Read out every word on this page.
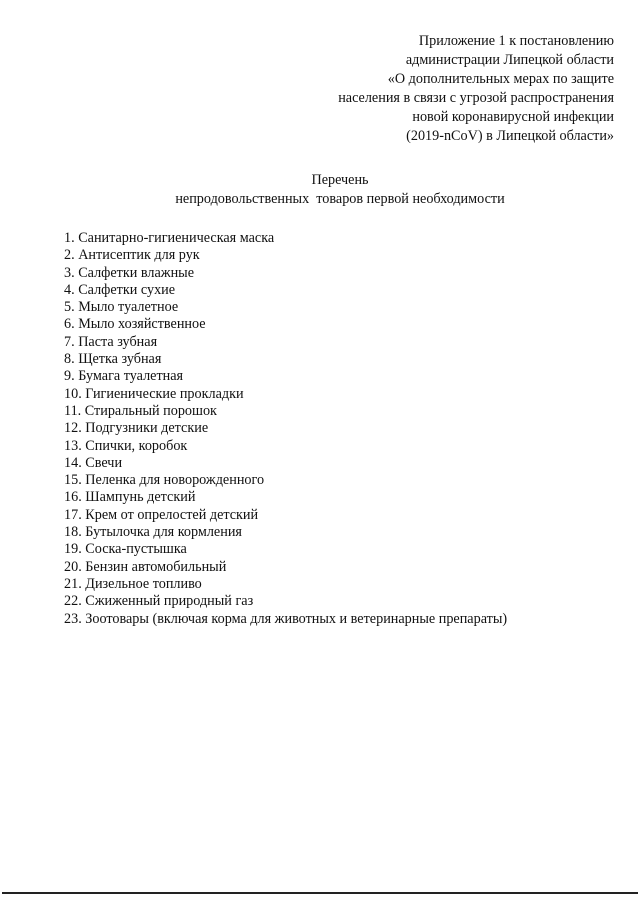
Приложение 1 к постановлению
администрации Липецкой области
«О дополнительных мерах по защите
населения в связи с угрозой распространения
новой коронавирусной инфекции
(2019-nCoV) в Липецкой области»
Перечень
непродовольственных  товаров первой необходимости
1. Санитарно-гигиеническая маска
2. Антисептик для рук
3. Салфетки влажные
4. Салфетки сухие
5. Мыло туалетное
6. Мыло хозяйственное
7. Паста зубная
8. Щетка зубная
9. Бумага туалетная
10. Гигиенические прокладки
11. Стиральный порошок
12. Подгузники детские
13. Спички, коробок
14. Свечи
15. Пеленка для новорожденного
16. Шампунь детский
17. Крем от опрелостей детский
18. Бутылочка для кормления
19. Соска-пустышка
20. Бензин автомобильный
21. Дизельное топливо
22. Сжиженный природный газ
23. Зоотовары (включая корма для животных и ветеринарные препараты)
